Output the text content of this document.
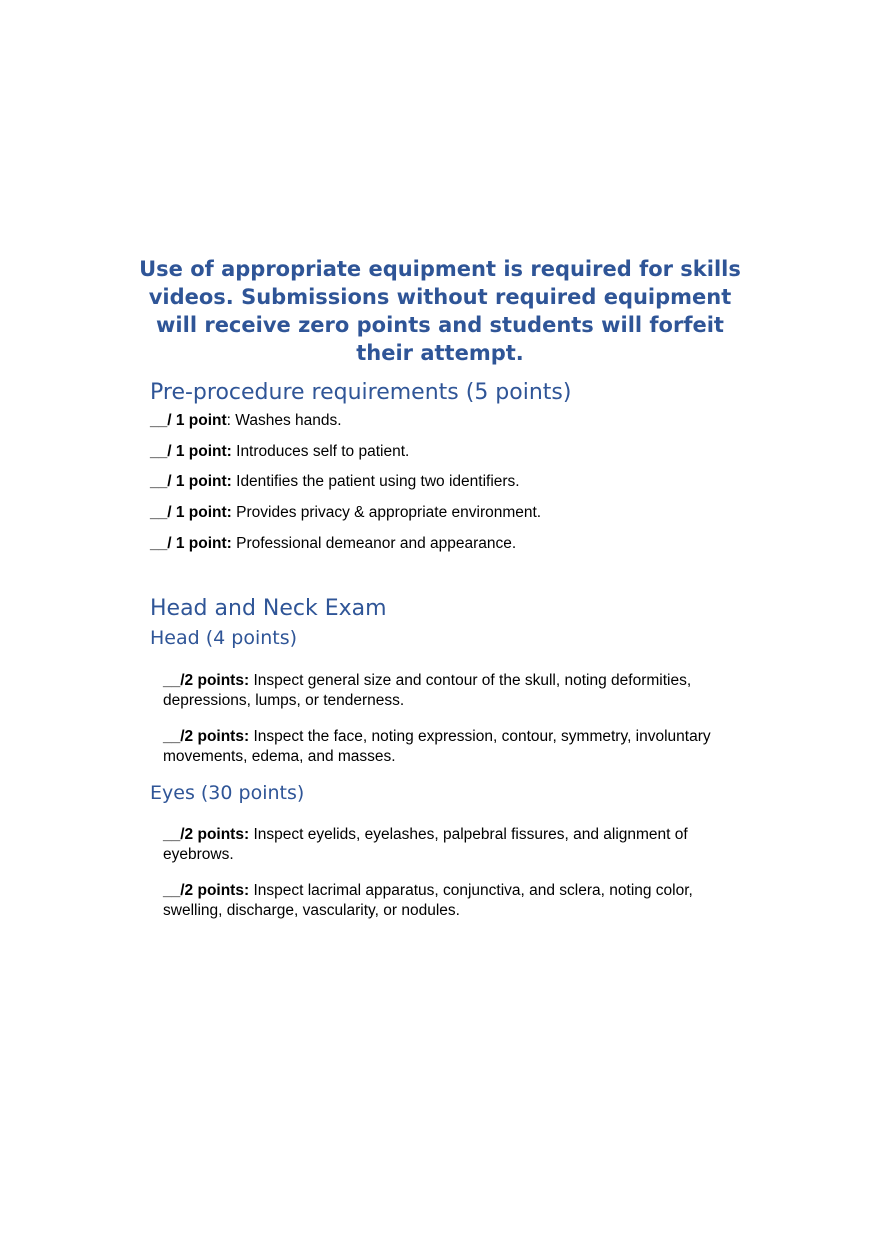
Use of appropriate equipment is required for skills videos. Submissions without required equipment will receive zero points and students will forfeit their attempt.
Pre-procedure requirements (5 points)
__/ 1 point: Washes hands.
__/ 1 point: Introduces self to patient.
__/ 1 point: Identifies the patient using two identifiers.
__/ 1 point: Provides privacy & appropriate environment.
__/ 1 point: Professional demeanor and appearance.
Head and Neck Exam
Head (4 points)
__/2 points: Inspect general size and contour of the skull, noting deformities, depressions, lumps, or tenderness.
__/2 points: Inspect the face, noting expression, contour, symmetry, involuntary movements, edema, and masses.
Eyes (30 points)
__/2 points: Inspect eyelids, eyelashes, palpebral fissures, and alignment of eyebrows.
__/2 points: Inspect lacrimal apparatus, conjunctiva, and sclera, noting color, swelling, discharge, vascularity, or nodules.
